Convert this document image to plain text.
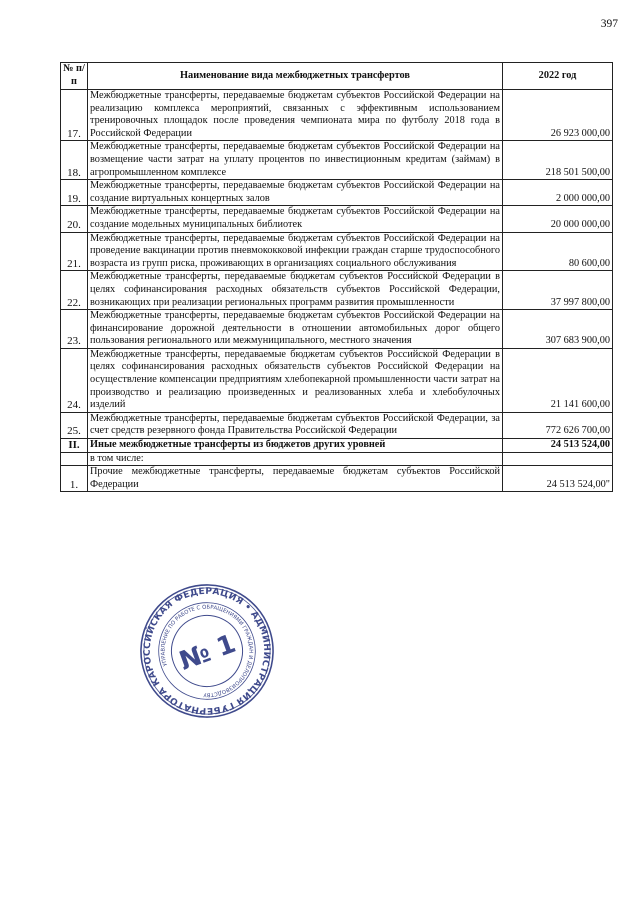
397
№ п/п	Наименование вида межбюджетных трансфертов	2022 год
17.	Межбюджетные трансферты, передаваемые бюджетам субъектов Российской Федерации на реализацию комплекса мероприятий, связанных с эффективным использованием тренировочных площадок после проведения чемпионата мира по футболу 2018 года в Российской Федерации	26 923 000,00
18.	Межбюджетные трансферты, передаваемые бюджетам субъектов Российской Федерации на возмещение части затрат на уплату процентов по инвестиционным кредитам (займам) в агропромышленном комплексе	218 501 500,00
19.	Межбюджетные трансферты, передаваемые бюджетам субъектов Российской Федерации на создание виртуальных концертных залов	2 000 000,00
20.	Межбюджетные трансферты, передаваемые бюджетам субъектов Российской Федерации на создание модельных муниципальных библиотек	20 000 000,00
21.	Межбюджетные трансферты, передаваемые бюджетам субъектов Российской Федерации на проведение вакцинации против пневмококковой инфекции граждан старше трудоспособного возраста из групп риска, проживающих в организациях социального обслуживания	80 600,00
22.	Межбюджетные трансферты, передаваемые бюджетам субъектов Российской Федерации в целях софинансирования расходных обязательств субъектов Российской Федерации, возникающих при реализации региональных программ развития промышленности	37 997 800,00
23.	Межбюджетные трансферты, передаваемые бюджетам субъектов Российской Федерации на финансирование дорожной деятельности в отношении автомобильных дорог общего пользования регионального или межмуниципального, местного значения	307 683 900,00
24.	Межбюджетные трансферты, передаваемые бюджетам субъектов Российской Федерации в целях софинансирования расходных обязательств субъектов Российской Федерации на осуществление компенсации предприятиям хлебопекарной промышленности части затрат на производство и реализацию произведенных и реализованных хлеба и хлебобулочных изделий	21 141 600,00
25.	Межбюджетные трансферты, передаваемые бюджетам субъектов Российской Федерации, за счет средств резервного фонда Правительства Российской Федерации	772 626 700,00
II.	Иные межбюджетные трансферты из бюджетов других уровней	24 513 524,00
	в том числе:	
1.	Прочие межбюджетные трансферты, передаваемые бюджетам субъектов Российской Федерации	24 513 524,00"
РОССИЙСКАЯ ФЕДЕРАЦИЯ • АДМИНИСТРАЦИЯ ГУБЕРНАТОРА КАЛУЖСКОЙ
УПРАВЛЕНИЕ ПО РАБОТЕ С ОБРАЩЕНИЯМИ ГРАЖДАН И ДЕЛОПРОИЗВОДСТВУ
№ 1
